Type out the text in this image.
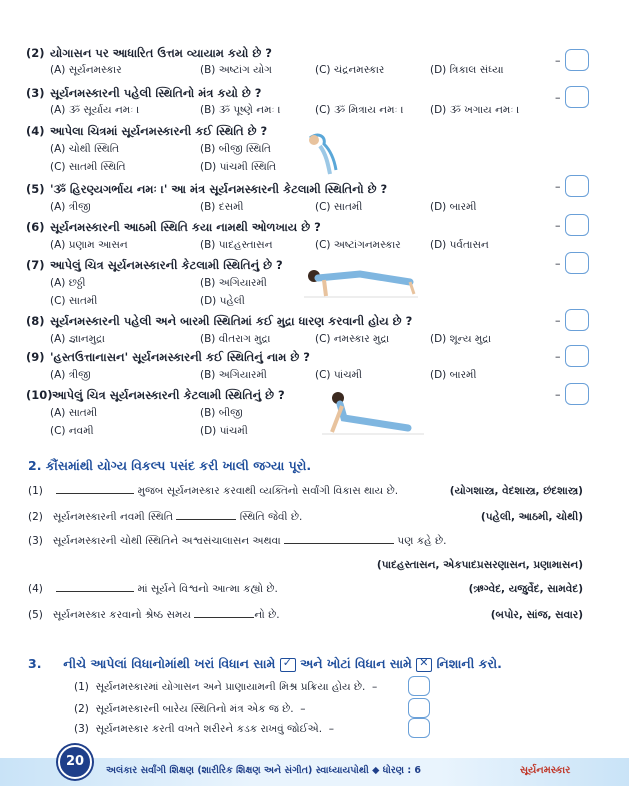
(2) યોગાસન પર આધારિત ઉત્તમ વ્યાયામ કયો છે ?
(A) સૂર્યનમસ્કાર	(B) અષ્ટાંગ યોગ	(C) ચંદ્રનમસ્કાર	(D) ત્રિકાલ સંધ્યા
–
(3) સૂર્યનમસ્કારની પહેલી સ્થિતિનો મંત્ર કયો છે ?
(A) ૐ સૂર્યાય નમઃ ।	(B) ૐ પૂષ્ણે નમઃ ।	(C) ૐ મિત્રાય નમઃ ।	(D) ૐ ખગાય નમઃ ।
–
(4) આપેલા ચિત્રમાં સૂર્યનમસ્કારની કઈ સ્થિતિ છે ?
(A) ચોથી સ્થિતિ	(B) બીજી સ્થિતિ
(C) સાતમી સ્થિતિ	(D) પાંચમી સ્થિતિ
(5) 'ૐ હિરણ્યગર્ભાય નમઃ ।' આ મંત્ર સૂર્યનમસ્કારની કેટલામી સ્થિતિનો છે ?
(A) ત્રીજી	(B) દસમી	(C) સાતમી	(D) બારમી
–
(6) સૂર્યનમસ્કારની આઠમી સ્થિતિ કયા નામથી ઓળખાય છે ?
(A) પ્રણામ આસન	(B) પાદહસ્તાસન	(C) અષ્ટાંગનમસ્કાર	(D) પર્વતાસન
–
(7) આપેલું ચિત્ર સૂર્યનમસ્કારની કેટલામી સ્થિતિનું છે ?
(A) છઠ્ઠી	(B) અગિયારમી
(C) સાતમી	(D) પહેલી
–
(8) સૂર્યનમસ્કારની પહેલી અને બારમી સ્થિતિમાં કઈ મુદ્રા ધારણ કરવાની હોય છે ?
(A) જ્ઞાનમુદ્રા	(B) વીતરાગ મુદ્રા	(C) નમસ્કાર મુદ્રા	(D) શૂન્ય મુદ્રા
–
(9) 'હસ્તઉત્તાનાસન' સૂર્યનમસ્કારની કઈ સ્થિતિનું નામ છે ?
(A) ત્રીજી	(B) અગિયારમી	(C) પાંચમી	(D) બારમી
–
(10)આપેલું ચિત્ર સૂર્યનમસ્કારની કેટલામી સ્થિતિનું છે ?
(A) સાતમી	(B) બીજી
(C) નવમી	(D) પાંચમી
–
2. કૌંસમાંથી યોગ્ય વિકલ્પ પસંદ કરી ખાલી જગ્યા પૂરો.
(1)	મુજબ સૂર્યનમસ્કાર કરવાથી વ્યક્તિનો સર્વાંગી વિકાસ થાય છે.	(યોગશાસ્ત્ર, વેદશાસ્ત્ર, છંદશાસ્ત્ર)
(2) સૂર્યનમસ્કારની નવમી સ્થિતિ	સ્થિતિ જેવી છે.	(પહેલી, આઠમી, ચોથી)
(3) સૂર્યનમસ્કારની ચોથી સ્થિતિને અશ્વસંચાલાસન અથવા	પણ કહે છે.
(પાદહસ્તાસન, એકપાદપ્રસરણાસન, પ્રણામાસન)
(4)	માં સૂર્યને વિશ્વનો આત્મા કહ્યો છે.	(ઋગ્વેદ, યજુર્વેદ, સામવેદ)
(5) સૂર્યનમસ્કાર કરવાનો શ્રેષ્ઠ સમય	નો છે.	(બપોર, સાંજ, સવાર)
3. નીચે આપેલાં વિધાનોમાંથી ખરાં વિધાન સામે ✓ અને ખોટાં વિધાન સામે ✕ નિશાની કરો.
(1) સૂર્યનમસ્કારમાં યોગાસન અને પ્રાણાયામની મિશ્ર પ્રક્રિયા હોય છે.  –
(2) સૂર્યનમસ્કારની બારેય સ્થિતિનો મંત્ર એક જ છે.  –
(3) સૂર્યનમસ્કાર કરતી વખતે શરીરને કડક રાખવું જોઈએ.  –
20
અલંકાર સર્વાંગી શિક્ષણ (શારીરિક શિક્ષણ અને સંગીત) સ્વાધ્યાયપોથી ◆ ધોરણ : 6	સૂર્યનમસ્કાર
